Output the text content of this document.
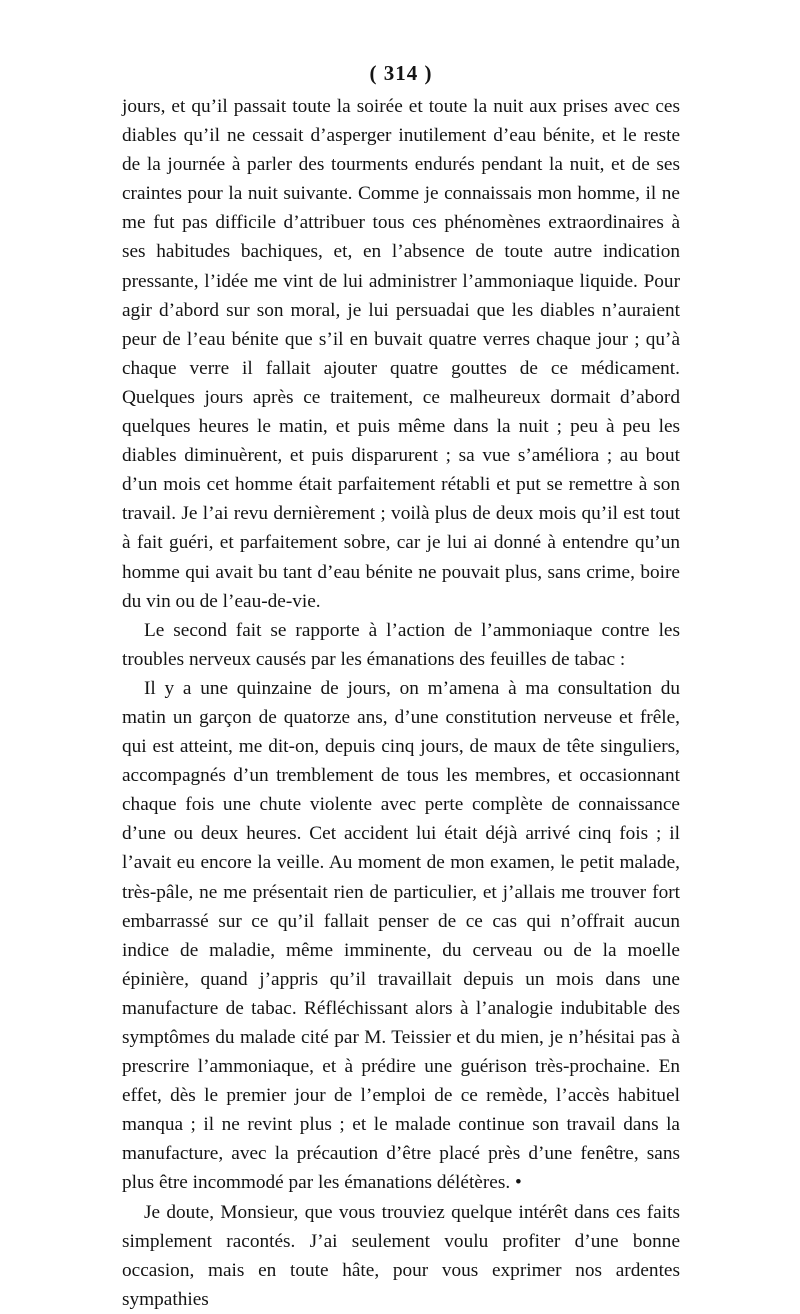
( 314 )

jours, et qu’il passait toute la soirée et toute la nuit aux prises avec ces diables qu’il ne cessait d’asperger inutilement d’eau bénite, et le reste de la journée à parler des tourments endurés pendant la nuit, et de ses craintes pour la nuit suivante. Comme je connaissais mon homme, il ne me fut pas difficile d’attribuer tous ces phénomènes extraordinaires à ses habitudes bachiques, et, en l’absence de toute autre indication pressante, l’idée me vint de lui administrer l’ammoniaque liquide. Pour agir d’abord sur son moral, je lui persuadai que les diables n’auraient peur de l’eau bénite que s’il en buvait quatre verres chaque jour ; qu’à chaque verre il fallait ajouter quatre gouttes de ce médicament. Quelques jours après ce traitement, ce malheureux dormait d’abord quelques heures le matin, et puis même dans la nuit ; peu à peu les diables diminuèrent, et puis disparurent ; sa vue s’améliora ; au bout d’un mois cet homme était parfaitement rétabli et put se remettre à son travail. Je l’ai revu dernièrement ; voilà plus de deux mois qu’il est tout à fait guéri, et parfaitement sobre, car je lui ai donné à entendre qu’un homme qui avait bu tant d’eau bénite ne pouvait plus, sans crime, boire du vin ou de l’eau-de-vie.

Le second fait se rapporte à l’action de l’ammoniaque contre les troubles nerveux causés par les émanations des feuilles de tabac :

Il y a une quinzaine de jours, on m’amena à ma consultation du matin un garçon de quatorze ans, d’une constitution nerveuse et frêle, qui est atteint, me dit-on, depuis cinq jours, de maux de tête singuliers, accompagnés d’un tremblement de tous les membres, et occasionnant chaque fois une chute violente avec perte complète de connaissance d’une ou deux heures. Cet accident lui était déjà arrivé cinq fois ; il l’avait eu encore la veille. Au moment de mon examen, le petit malade, très-pâle, ne me présentait rien de particulier, et j’allais me trouver fort embarrassé sur ce qu’il fallait penser de ce cas qui n’offrait aucun indice de maladie, même imminente, du cerveau ou de la moelle épinière, quand j’appris qu’il travaillait depuis un mois dans une manufacture de tabac. Réfléchissant alors à l’analogie indubitable des symptômes du malade cité par M. Teissier et du mien, je n’hésitai pas à prescrire l’ammoniaque, et à prédire une guérison très-prochaine. En effet, dès le premier jour de l’emploi de ce remède, l’accès habituel manqua ; il ne revint plus ; et le malade continue son travail dans la manufacture, avec la précaution d’être placé près d’une fenêtre, sans plus être incommodé par les émanations délétères. •

Je doute, Monsieur, que vous trouviez quelque intérêt dans ces faits simplement racontés. J’ai seulement voulu profiter d’une bonne occasion, mais en toute hâte, pour vous exprimer nos ardentes sympathies
